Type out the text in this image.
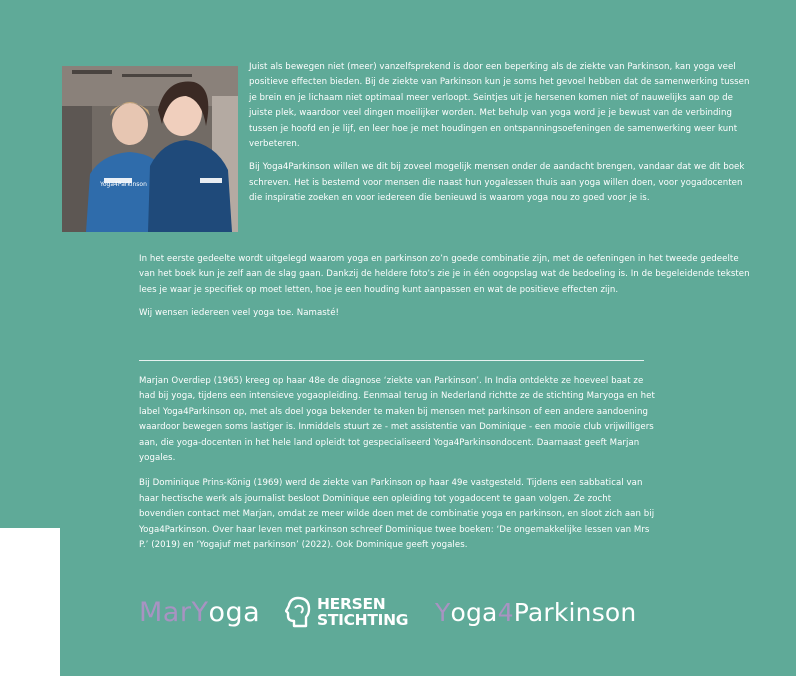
Yoga4Parkinson

Juist als bewegen niet (meer) vanzelfsprekend is door een beperking als de ziekte van Parkinson, kan yoga veel positieve effecten bieden. Bij de ziekte van Parkinson kun je soms het gevoel hebben dat de samenwerking tussen je brein en je lichaam niet optimaal meer verloopt. Seintjes uit je hersenen komen niet of nauwelijks aan op de juiste plek, waardoor veel dingen moeilijker worden. Met behulp van yoga word je je bewust van de verbinding tussen je hoofd en je lijf, en leer hoe je met houdingen en ontspanningsoefeningen de samenwerking weer kunt verbeteren.

Bij Yoga4Parkinson willen we dit bij zoveel mogelijk mensen onder de aandacht brengen, vandaar dat we dit boek schreven. Het is bestemd voor mensen die naast hun yogalessen thuis aan yoga willen doen, voor yogadocenten die inspiratie zoeken en voor iedereen die benieuwd is waarom yoga nou zo goed voor je is.

In het eerste gedeelte wordt uitgelegd waarom yoga en parkinson zo’n goede combinatie zijn, met de oefeningen in het tweede gedeelte van het boek kun je zelf aan de slag gaan. Dankzij de heldere foto’s zie je in één oogopslag wat de bedoeling is. In de begeleidende teksten lees je waar je specifiek op moet letten, hoe je een houding kunt aanpassen en wat de positieve effecten zijn.

Wij wensen iedereen veel yoga toe. Namasté!

Marjan Overdiep (1965) kreeg op haar 48e de diagnose ‘ziekte van Parkinson’. In India ontdekte ze hoeveel baat ze had bij yoga, tijdens een intensieve yogaopleiding. Eenmaal terug in Nederland richtte ze de stichting Maryoga en het label Yoga4Parkinson op, met als doel yoga bekender te maken bij mensen met parkinson of een andere aandoening waardoor bewegen soms lastiger is. Inmiddels stuurt ze - met assistentie van Dominique - een mooie club vrijwilligers aan, die yoga-docenten in het hele land opleidt tot gespecialiseerd Yoga4Parkinsondocent. Daarnaast geeft Marjan yogales.

Bij Dominique Prins-König (1969) werd de ziekte van Parkinson op haar 49e vastgesteld. Tijdens een sabbatical van haar hectische werk als journalist besloot Dominique een opleiding tot yogadocent te gaan volgen. Ze zocht bovendien contact met Marjan, omdat ze meer wilde doen met de combinatie yoga en parkinson, en sloot zich aan bij Yoga4Parkinson. Over haar leven met parkinson schreef Dominique twee boeken: ‘De ongemakkelijke lessen van Mrs P.’ (2019) en ‘Yogajuf met parkinson’ (2022). Ook Dominique geeft yogales.

Mar Y oga	HERSEN
STICHTING Y oga 4 Parkinson
